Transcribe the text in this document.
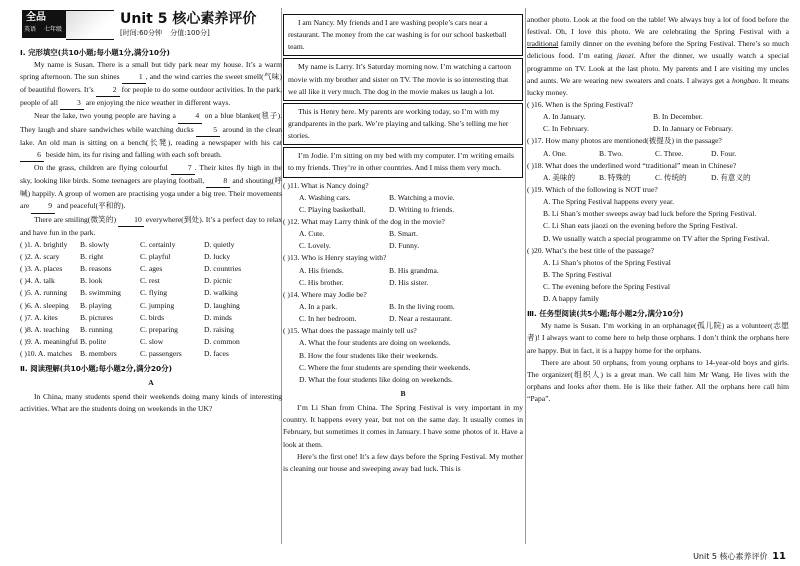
全品
英语 七年级
Unit 5 核心素养评价
[时间:60分钟 分值:100分]
Ⅰ. 完形填空(共10小题;每小题1分,满分10分)

My name is Susan. There is a small but tidy park near my house. It’s a warm spring afternoon. The sun shines 1 , and the wind carries the sweet smell(气味) of beautiful flowers. It’s 2 for people to do some outdoor activities. In the park, people of all 3 are enjoying the nice weather in different ways.

Near the lake, two young people are having a 4 on a blue blanket(毯子). They laugh and share sandwiches while watching ducks 5 around in the clean lake. An old man is sitting on a bench(长凳), reading a newspaper with his cat 6 beside him, its fur rising and falling with each soft breath.

On the grass, children are flying colourful 7 . Their kites fly high in the sky, looking like birds. Some teenagers are playing football, 8 and shouting(呼喊) happily. A group of women are practising yoga under a big tree. Their movements are 9 and peaceful(平和的).

There are smiling(微笑的) 10 everywhere(到处). It’s a perfect day to relax and have fun in the park.

( )1. A. brightly	B. slowly	C. certainly	D. quietly
( )2. A. scary	B. right	C. playful	D. lucky
( )3. A. places	B. reasons	C. ages	D. countries
( )4. A. talk	B. look	C. rest	D. picnic
( )5. A. running	B. swimming	C. flying	D. walking
( )6. A. sleeping	B. playing	C. jumping	D. laughing
( )7. A. kites	B. pictures	C. birds	D. minds
( )8. A. teaching	B. running	C. preparing	D. raising
( )9. A. meaningful B. polite	C. slow	D. common
( )10. A. matches	B. members	C. passengers	D. faces
Ⅱ. 阅读理解(共10小题;每小题2分,满分20分)
A

In China, many students spend their weekends doing many kinds of interesting activities. What are the students doing on weekends in the UK?

I am Nancy. My friends and I are washing people’s cars near a restaurant. The money from the car washing is for our school basketball team.

My name is Larry. It’s Saturday morning now. I’m watching a cartoon movie with my brother and sister on TV. The movie is so interesting that we all like it very much. The dog in the movie makes us laugh a lot.

This is Henry here. My parents are working today, so I’m with my grandparents in the park. We’re playing and talking. She’s telling me her stories.

I’m Jodie. I’m sitting on my bed with my computer. I’m writing emails to my friends. They’re in other countries. And I miss them very much.

( )11. What is Nancy doing?

A. Washing cars.	B. Watching a movie.
C. Playing basketball.	D. Writing to friends.

( )12. What may Larry think of the dog in the movie?

A. Cute.	B. Smart.
C. Lovely.	D. Funny.

( )13. Who is Henry staying with?

A. His friends.	B. His grandma.
C. His brother.	D. His sister.

( )14. Where may Jodie be?

A. In a park.	B. In the living room.
C. In her bedroom.	D. Near a restaurant.

( )15. What does the passage mainly tell us?

A. What the four students are doing on weekends.
B. How the four students like their weekends.
C. Where the four students are spending their weekends.
D. What the four students like doing on weekends.
B

I’m Li Shan from China. The Spring Festival is very important in my country. It happens every year, but not on the same day. It usually comes in February, but sometimes it comes in January. I have some photos of it. Have a look at them.

Here’s the first one! It’s a few days before the Spring Festival. My mother is cleaning our house and sweeping away bad luck. This is

another photo. Look at the food on the table! We always buy a lot of food before the festival. Oh, I love this photo. We are celebrating the Spring Festival with a traditional family dinner on the evening before the Spring Festival. There’s so much delicious food. I’m eating jiaozi. After the dinner, we usually watch a special programme on TV. Look at the last photo. My parents and I are visiting my uncles and aunts. We are wearing new sweaters and coats. I always get a hongbao. It means lucky money.

( )16. When is the Spring Festival?

A. In January.	B. In December.
C. In February.	D. In January or February.

( )17. How many photos are mentioned(被提及) in the passage?

A. One.	B. Two.	C. Three.	D. Four.

( )18. What does the underlined word “traditional” mean in Chinese?

A. 美味的	B. 特殊的	C. 传统的	D. 有意义的

( )19. Which of the following is NOT true?

A. The Spring Festival happens every year.
B. Li Shan’s mother sweeps away bad luck before the Spring Festival.
C. Li Shan eats jiaozi on the evening before the Spring Festival.
D. We usually watch a special programme on TV after the Spring Festival.

( )20. What’s the best title of the passage?

A. Li Shan’s photos of the Spring Festival
B. The Spring Festival
C. The evening before the Spring Festival
D. A happy family
Ⅲ. 任务型阅读(共5小题;每小题2分,满分10分)

My name is Susan. I’m working in an orphanage(孤儿院) as a volunteer(志愿者)! I always want to come here to help those orphans. I don’t think the orphans here are happy. But in fact, it is a happy home for the orphans.

There are about 50 orphans, from young orphans to 14-year-old boys and girls. The organizer(组织人) is a great man. We call him Mr Wang. He lives with the orphans and looks after them. He is like their father. All the orphans here call him “Papa”.

Unit 5 核心素养评价 11
